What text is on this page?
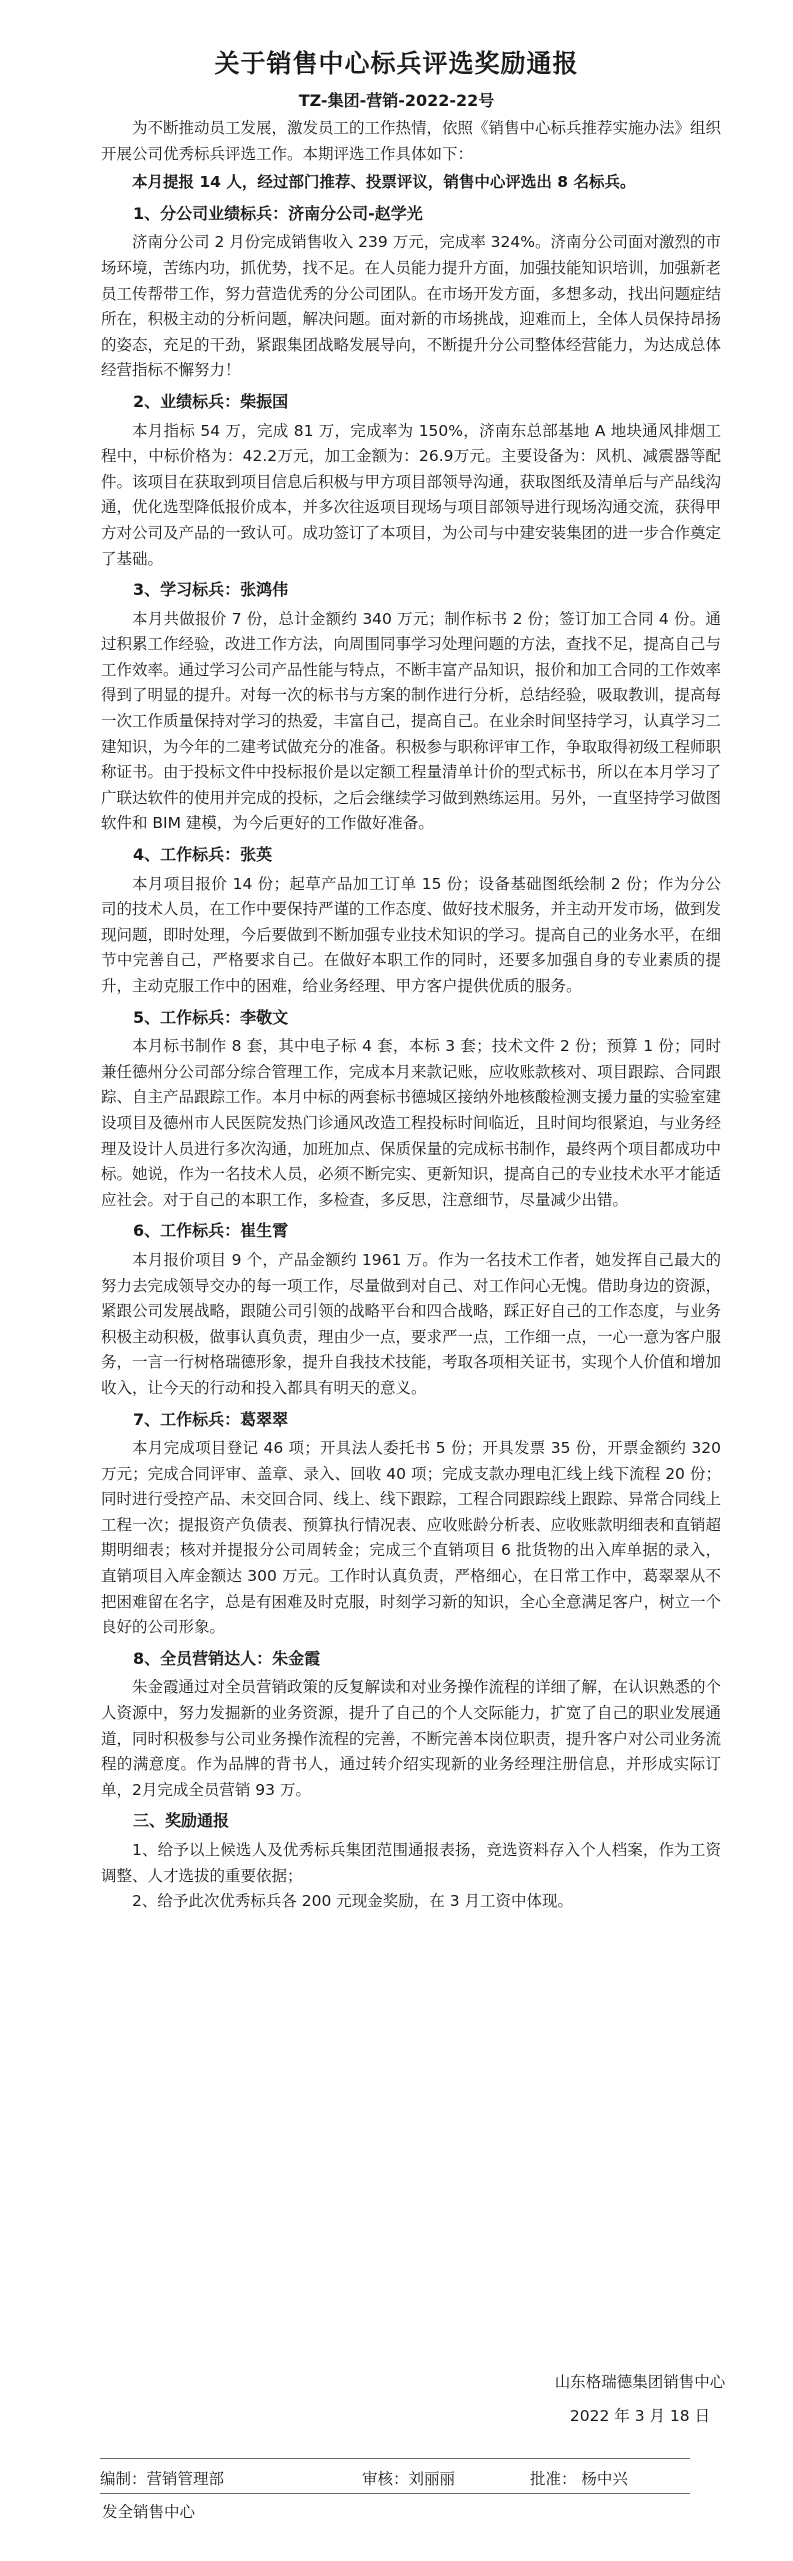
关于销售中心标兵评选奖励通报
TZ-集团-营销-2022-22号

为不断推动员工发展，激发员工的工作热情，依照《销售中心标兵推荐实施办法》组织开展公司优秀标兵评选工作。本期评选工作具体如下：

本月提报 14 人，经过部门推荐、投票评议，销售中心评选出 8 名标兵。

1、分公司业绩标兵：济南分公司-赵学光

济南分公司 2 月份完成销售收入 239 万元，完成率 324%。济南分公司面对激烈的市场环境，苦练内功，抓优势，找不足。在人员能力提升方面，加强技能知识培训，加强新老员工传帮带工作，努力营造优秀的分公司团队。在市场开发方面，多想多动，找出问题症结所在，积极主动的分析问题，解决问题。面对新的市场挑战，迎难而上，全体人员保持昂扬的姿态，充足的干劲，紧跟集团战略发展导向，不断提升分公司整体经营能力，为达成总体经营指标不懈努力！

2、业绩标兵：柴振国

本月指标 54 万，完成 81 万，完成率为 150%，济南东总部基地 A 地块通风排烟工程中，中标价格为：42.2万元，加工金额为：26.9万元。主要设备为：风机、减震器等配件。该项目在获取到项目信息后积极与甲方项目部领导沟通，获取图纸及清单后与产品线沟通，优化选型降低报价成本，并多次往返项目现场与项目部领导进行现场沟通交流，获得甲方对公司及产品的一致认可。成功签订了本项目，为公司与中建安装集团的进一步合作奠定了基础。

3、学习标兵：张鸿伟

本月共做报价 7 份，总计金额约 340 万元；制作标书 2 份；签订加工合同 4 份。通过积累工作经验，改进工作方法，向周围同事学习处理问题的方法，查找不足，提高自己与工作效率。通过学习公司产品性能与特点，不断丰富产品知识，报价和加工合同的工作效率得到了明显的提升。对每一次的标书与方案的制作进行分析，总结经验，吸取教训，提高每一次工作质量保持对学习的热爱，丰富自己，提高自己。在业余时间坚持学习，认真学习二建知识，为今年的二建考试做充分的准备。积极参与职称评审工作，争取取得初级工程师职称证书。由于投标文件中投标报价是以定额工程量清单计价的型式标书，所以在本月学习了广联达软件的使用并完成的投标，之后会继续学习做到熟练运用。另外，一直坚持学习做图软件和 BIM 建模，为今后更好的工作做好准备。

4、工作标兵：张英

本月项目报价 14 份；起草产品加工订单 15 份；设备基础图纸绘制 2 份；作为分公司的技术人员，在工作中要保持严谨的工作态度、做好技术服务，并主动开发市场，做到发现问题，即时处理，今后要做到不断加强专业技术知识的学习。提高自己的业务水平，在细节中完善自己，严格要求自己。在做好本职工作的同时，还要多加强自身的专业素质的提升，主动克服工作中的困难，给业务经理、甲方客户提供优质的服务。

5、工作标兵：李敬文

本月标书制作 8 套，其中电子标 4 套，本标 3 套；技术文件 2 份；预算 1 份；同时兼任德州分公司部分综合管理工作，完成本月来款记账，应收账款核对、项目跟踪、合同跟踪、自主产品跟踪工作。本月中标的两套标书德城区接纳外地核酸检测支援力量的实验室建设项目及德州市人民医院发热门诊通风改造工程投标时间临近，且时间均很紧迫，与业务经理及设计人员进行多次沟通，加班加点、保质保量的完成标书制作，最终两个项目都成功中标。她说，作为一名技术人员，必须不断完实、更新知识，提高自己的专业技术水平才能适应社会。对于自己的本职工作，多检查，多反思，注意细节，尽量减少出错。

6、工作标兵：崔生霄

本月报价项目 9 个，产品金额约 1961 万。作为一名技术工作者，她发挥自己最大的努力去完成领导交办的每一项工作，尽量做到对自己、对工作问心无愧。借助身边的资源，紧跟公司发展战略，跟随公司引领的战略平台和四合战略，踩正好自己的工作态度，与业务积极主动积极，做事认真负责，理由少一点，要求严一点，工作细一点，一心一意为客户服务，一言一行树格瑞德形象，提升自我技术技能，考取各项相关证书，实现个人价值和增加收入，让今天的行动和投入都具有明天的意义。

7、工作标兵：葛翠翠

本月完成项目登记 46 项；开具法人委托书 5 份；开具发票 35 份，开票金额约 320 万元；完成合同评审、盖章、录入、回收 40 项；完成支款办理电汇线上线下流程 20 份；同时进行受控产品、未交回合同、线上、线下跟踪，工程合同跟踪线上跟踪、异常合同线上工程一次；提报资产负债表、预算执行情况表、应收账龄分析表、应收账款明细表和直销超期明细表；核对并提报分公司周转金；完成三个直销项目 6 批货物的出入库单据的录入，直销项目入库金额达 300 万元。工作时认真负责，严格细心，在日常工作中，葛翠翠从不把困难留在名字，总是有困难及时克服，时刻学习新的知识，全心全意满足客户，树立一个良好的公司形象。

8、全员营销达人：朱金霞

朱金霞通过对全员营销政策的反复解读和对业务操作流程的详细了解，在认识熟悉的个人资源中，努力发掘新的业务资源，提升了自己的个人交际能力，扩宽了自己的职业发展通道，同时积极参与公司业务操作流程的完善，不断完善本岗位职责，提升客户对公司业务流程的满意度。作为品牌的背书人，通过转介绍实现新的业务经理注册信息，并形成实际订单，2月完成全员营销 93 万。

三、奖励通报

1、给予以上候选人及优秀标兵集团范围通报表扬，竞选资料存入个人档案，作为工资调整、人才选拔的重要依据；

2、给予此次优秀标兵各 200 元现金奖励，在 3 月工资中体现。

山东格瑞德集团销售中心
2022 年 3 月 18 日
编制：营销管理部	审核：刘丽丽	批准： 杨中兴
发全销售中心
